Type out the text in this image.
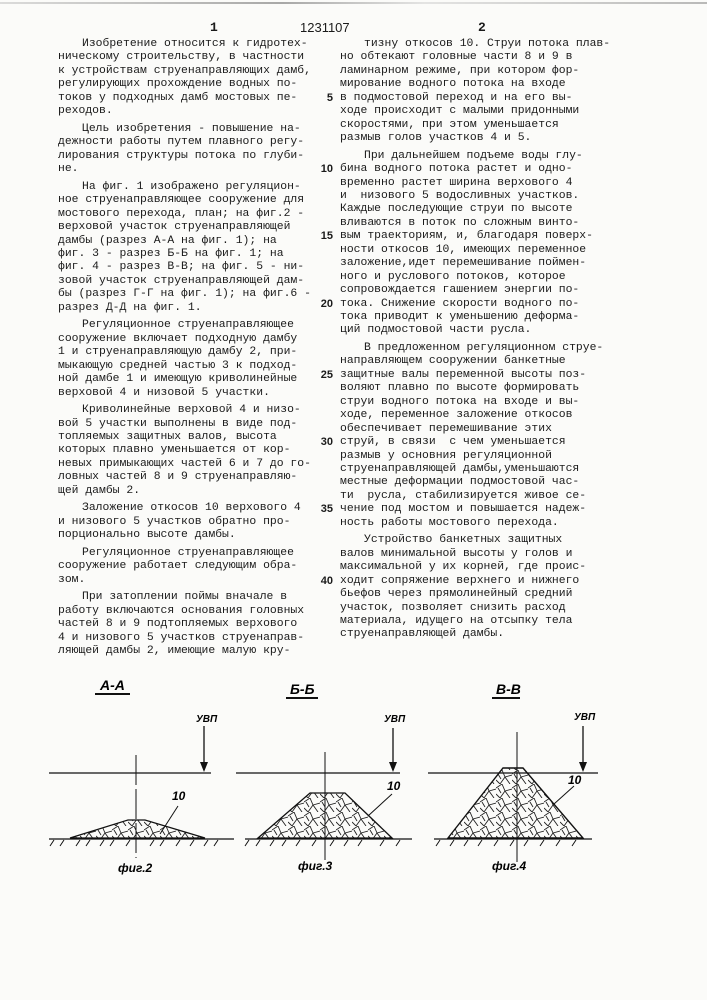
1	1231107	2
Изобретение относится к гидротех-
ническому строительству, в частности
к устройствам струенаправляющих дамб,
регулирующих прохождение водных по-
токов у подходных дамб мостовых пе-
реходов.
Цель изобретения - повышение на-
дежности работы путем плавного регу-
лирования структуры потока по глуби-
не.
На фиг. 1 изображено регуляцион-
ное струенаправляющее сооружение для
мостового перехода, план; на фиг.2 -
верховой участок струенаправляющей
дамбы (разрез А-А на фиг. 1); на
фиг. 3 - разрез Б-Б на фиг. 1; на
фиг. 4 - разрез В-В; на фиг. 5 - ни-
зовой участок струенаправляющей дам-
бы (разрез Г-Г на фиг. 1); на фиг.6 -
разрез Д-Д на фиг. 1.
Регуляционное струенаправляющее
сооружение включает подходную дамбу
1 и струенаправляющую дамбу 2, при-
мыкающую средней частью 3 к подход-
ной дамбе 1 и имеющую криволинейные
верховой 4 и низовой 5 участки.
Криволинейные верховой 4 и низо-
вой 5 участки выполнены в виде под-
топляемых защитных валов, высота
которых плавно уменьшается от кор-
невых примыкающих частей 6 и 7 до го-
ловных частей 8 и 9 струенаправляю-
щей дамбы 2.
Заложение откосов 10 верхового 4
и низового 5 участков обратно про-
порционально высоте дамбы.
Регуляционное струенаправляющее
сооружение работает следующим обра-
зом.
При затоплении поймы вначале в
работу включаются основания головных
частей 8 и 9 подтопляемых верхового
4 и низового 5 участков струенаправ-
ляющей дамбы 2, имеющие малую кру-
тизну откосов 10. Струи потока плав-
но обтекают головные части 8 и 9 в
ламинарном режиме, при котором фор-
мирование водного потока на входе
5 в подмостовой переход и на его вы-
ходе происходит с малыми придонными
скоростями, при этом уменьшается
размыв голов участков 4 и 5.
При дальнейшем подъеме воды глу-
10 бина водного потока растет и одно-
временно растет ширина верхового 4
и  низового 5 водосливных участков.
Каждые последующие струи по высоте
вливаются в поток по сложным винто-
15 вым траекториям, и, благодаря поверх-
ности откосов 10, имеющих переменное
заложение,идет перемешивание поймен-
ного и руслового потоков, которое
сопровождается гашением энергии по-
20 тока. Снижение скорости водного по-
тока приводит к уменьшению деформа-
ций подмостовой части русла.
В предложенном регуляционном струе-
направляющем сооружении банкетные
25 защитные валы переменной высоты поз-
воляют плавно по высоте формировать
струи водного потока на входе и вы-
ходе, переменное заложение откосов
обеспечивает перемешивание этих
30 струй, в связи  с чем уменьшается
размыв у основния регуляционной
струенаправляющей дамбы,уменьшаются
местные деформации подмостовой час-
ти  русла, стабилизируется живое се-
35 чение под мостом и повышается надеж-
ность работы мостового перехода.
Устройство банкетных защитных
валов минимальной высоты у голов и
максимальной у их корней, где проис-
40 ходит сопряжение верхнего и нижнего
бьефов через прямолинейный средний
участок, позволяет снизить расход
материала, идущего на отсыпку тела
струенаправляющей дамбы.
А-А
УВП
10
фиг.2
Б-Б
УВП
10
фиг.3
В-В
УВП
10
фиг.4
